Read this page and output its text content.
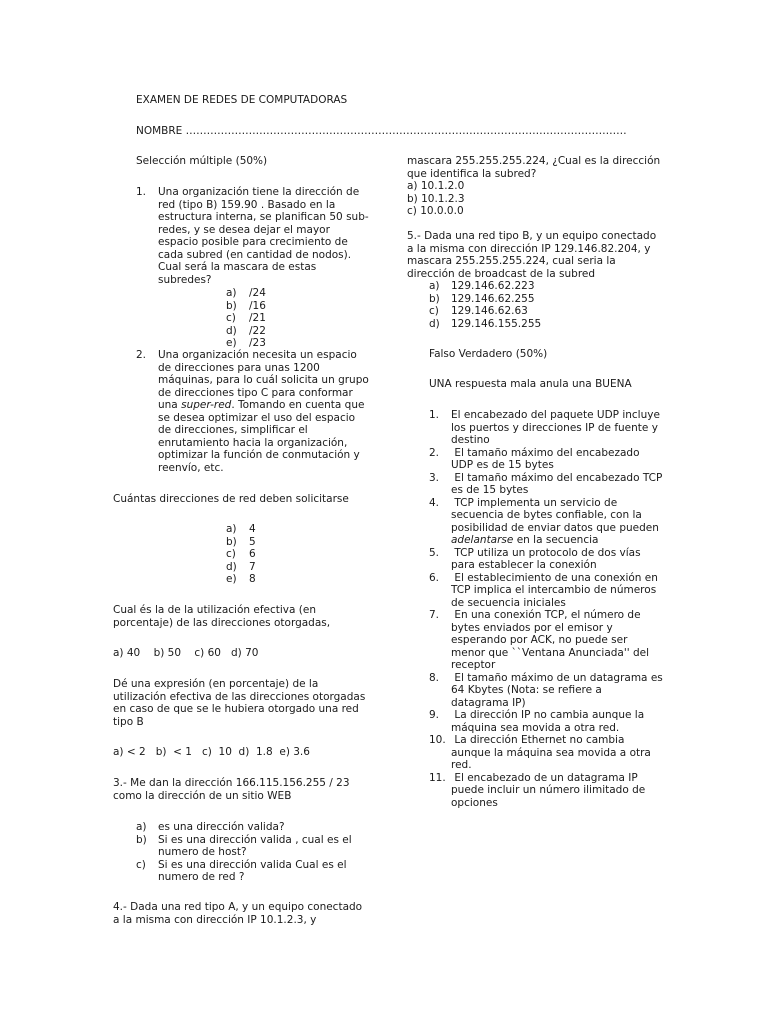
EXAMEN DE REDES DE COMPUTADORAS
NOMBRE ………………………………………………………………………………………………………………
Selección múltiple (50%)
1. Una organización tiene la dirección de
red (tipo B) 159.90 . Basado en la
estructura interna, se planifican 50 sub-
redes, y se desea dejar el mayor
espacio posible para crecimiento de
cada subred (en cantidad de nodos).
Cual será la mascara de estas
subredes?
a) /24
b) /16
c) /21
d) /22
e) /23
2. Una organización necesita un espacio
de direcciones para unas 1200
máquinas, para lo cuál solicita un grupo
de direcciones tipo C para conformar
una super-red. Tomando en cuenta que
se desea optimizar el uso del espacio
de direcciones, simplificar el
enrutamiento hacia la organización,
optimizar la función de conmutación y
reenvío, etc.
Cuántas direcciones de red deben solicitarse
a) 4
b) 5
c) 6
d) 7
e) 8
Cual és la de la utilización efectiva (en
porcentaje) de las direcciones otorgadas,
a) 40    b) 50    c) 60   d) 70
Dé una expresión (en porcentaje) de la
utilización efectiva de las direcciones otorgadas
en caso de que se le hubiera otorgado una red
tipo B
a) < 2   b)  < 1   c)  10  d)  1.8  e) 3.6
3.- Me dan la dirección 166.115.156.255 / 23
como la dirección de un sitio WEB
a) es una dirección valida?
b) Si es una dirección valida , cual es el
numero de host?
c) Si es una dirección valida Cual es el
numero de red ?
4.- Dada una red tipo A, y un equipo conectado
a la misma con dirección IP 10.1.2.3, y
mascara 255.255.255.224, ¿Cual es la dirección
que identifica la subred?
a) 10.1.2.0
b) 10.1.2.3
c) 10.0.0.0
5.- Dada una red tipo B, y un equipo conectado
a la misma con dirección IP 129.146.82.204, y
mascara 255.255.255.224, cual seria la
dirección de broadcast de la subred
a) 129.146.62.223
b) 129.146.62.255
c) 129.146.62.63
d) 129.146.155.255
Falso Verdadero (50%)
UNA respuesta mala anula una BUENA
1. El encabezado del paquete UDP incluye
los puertos y direcciones IP de fuente y
destino
2. El tamaño máximo del encabezado
UDP es de 15 bytes
3. El tamaño máximo del encabezado TCP
es de 15 bytes
4. TCP implementa un servicio de
secuencia de bytes confiable, con la
posibilidad de enviar datos que pueden
adelantarse en la secuencia
5. TCP utiliza un protocolo de dos vías
para establecer la conexión
6. El establecimiento de una conexión en
TCP implica el intercambio de números
de secuencia iniciales
7. En una conexión TCP, el número de
bytes enviados por el emisor y
esperando por ACK, no puede ser
menor que ``Ventana Anunciada'' del
receptor
8. El tamaño máximo de un datagrama es
64 Kbytes (Nota: se refiere a
datagrama IP)
9. La dirección IP no cambia aunque la
máquina sea movida a otra red.
10. La dirección Ethernet no cambia
aunque la máquina sea movida a otra
red.
11. El encabezado de un datagrama IP
puede incluir un número ilimitado de
opciones
